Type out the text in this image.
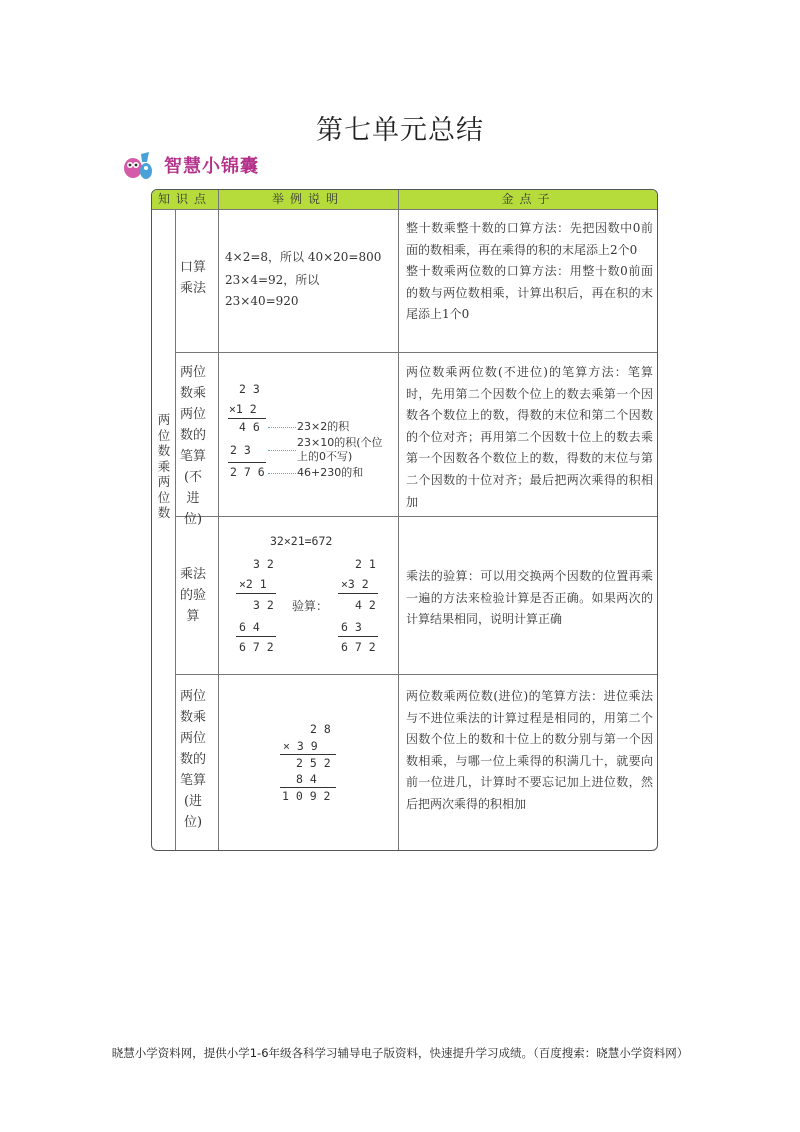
第七单元总结
智慧小锦囊
知识点	举例说明	金点子
两位数乘两位数
口算乘法
4×2=8，所以 40×20=800
23×4=92，所以 23×40=920
整十数乘整十数的口算方法：先把因数中0前面的数相乘，再在乘得的积的末尾添上2个0
整十数乘两位数的口算方法：用整十数0前面的数与两位数相乘，计算出积后，再在积的末尾添上1个0
两位数乘两位数的笔算(不进位)
2 3
×1 2
4 6
2 3
2 7 6
23×2的积
23×10的积(个位上的0不写)
46+230的和
两位数乘两位数(不进位)的笔算方法：笔算时，先用第二个因数个位上的数去乘第一个因数各个数位上的数，得数的末位和第二个因数的个位对齐；再用第二个因数十位上的数去乘第一个因数各个数位上的数，得数的末位与第二个因数的十位对齐；最后把两次乘得的积相加
乘法的验算
32×21=672
3 2
×2 1
3 2
6 4
6 7 2
验算：
2 1
×3 2
4 2
6 3
6 7 2
乘法的验算：可以用交换两个因数的位置再乘一遍的方法来检验计算是否正确。如果两次的计算结果相同，说明计算正确
两位数乘两位数的笔算(进位)
2 8
× 3 9
2 5 2
8 4
1 0 9 2
两位数乘两位数(进位)的笔算方法：进位乘法与不进位乘法的计算过程是相同的，用第二个因数个位上的数和十位上的数分别与第一个因数相乘，与哪一位上乘得的积满几十，就要向前一位进几，计算时不要忘记加上进位数，然后把两次乘得的积相加
晓慧小学资料网，提供小学1-6年级各科学习辅导电子版资料，快速提升学习成绩。（百度搜索：晓慧小学资料网）
